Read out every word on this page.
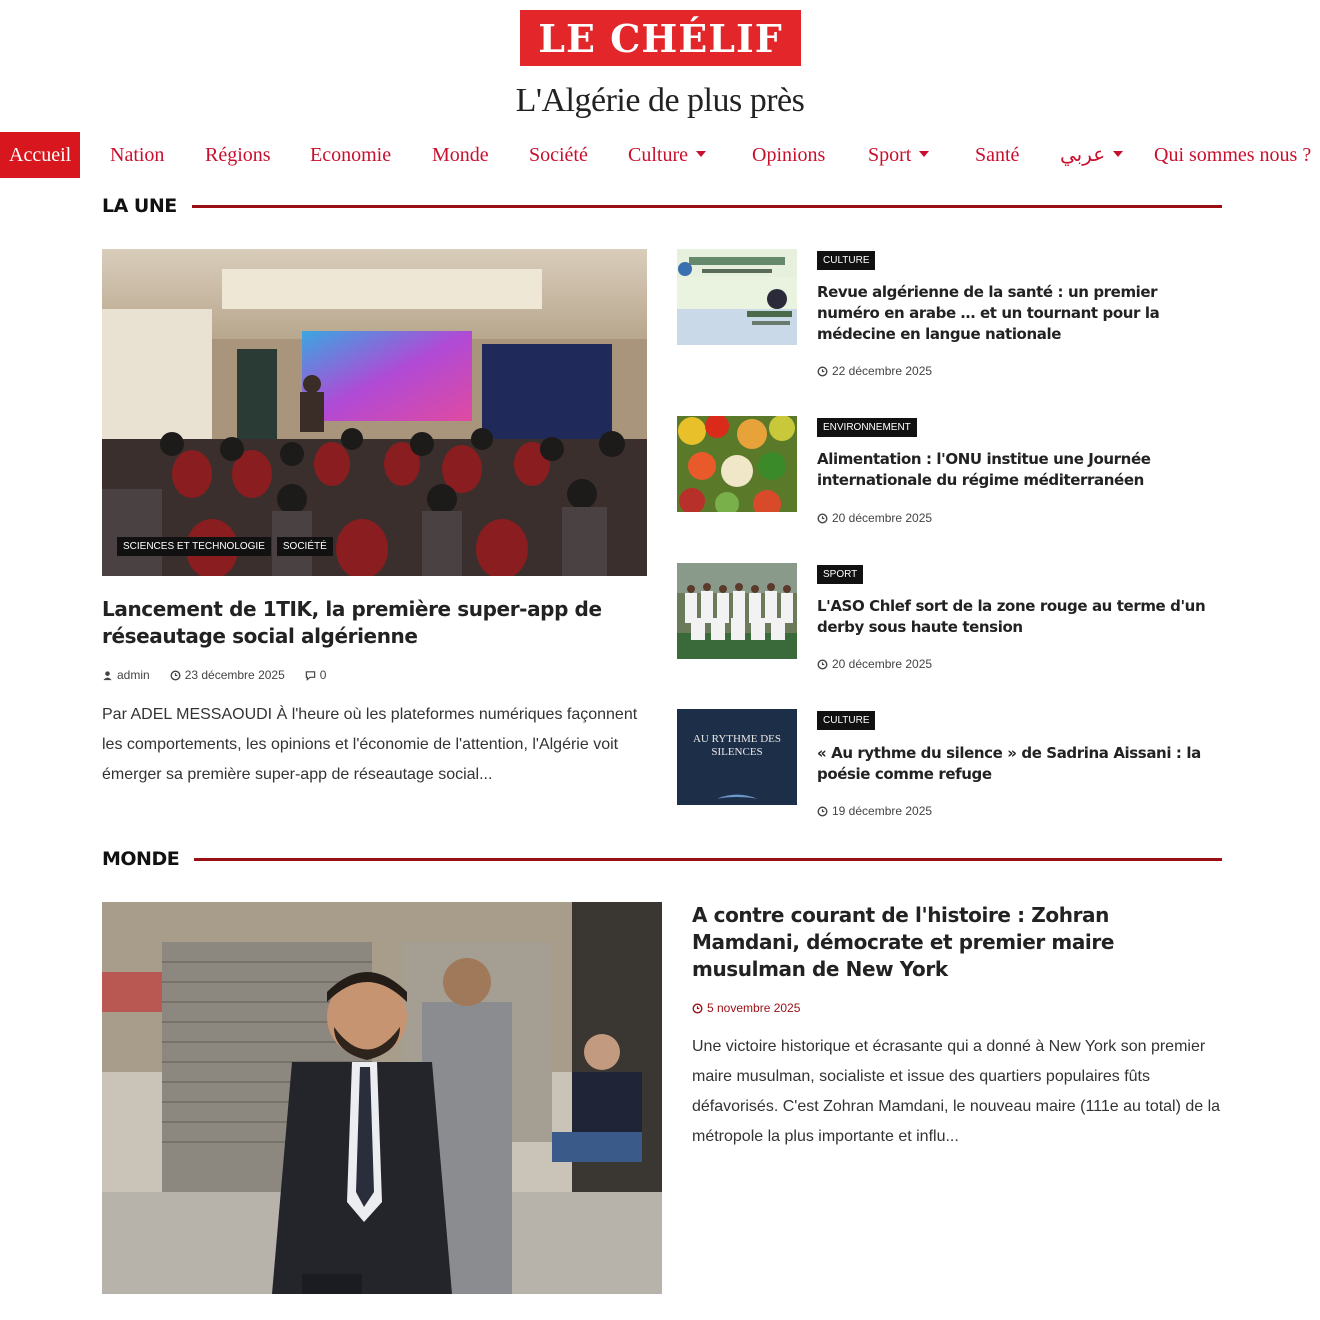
LE CHÉLIF
L'Algérie de plus près
Accueil	Nation Régions Economie Monde Société Culture	Opinions Sport	Santé عربي	Qui sommes nous ?
LA UNE
SCIENCES ET TECHNOLOGIE	SOCIÉTÉ
Lancement de 1TIK, la première super-app de réseautage social algérienne
admin	23 décembre 2025	0

Par ADEL MESSAOUDI À l'heure où les plateformes numériques façonnent les comportements, les opinions et l'économie de l'attention, l'Algérie voit émerger sa première super-app de réseautage social...

CULTURE
Revue algérienne de la santé : un premier numéro en arabe … et un tournant pour la médecine en langue nationale
22 décembre 2025
ENVIRONNEMENT
Alimentation : l'ONU institue une Journée internationale du régime méditerranéen
20 décembre 2025
SPORT
L'ASO Chlef sort de la zone rouge au terme d'un derby sous haute tension
20 décembre 2025
AU RYTHME DES SILENCES
CULTURE
« Au rythme du silence » de Sadrina Aissani : la poésie comme refuge
19 décembre 2025
MONDE
A contre courant de l'histoire : Zohran Mamdani, démocrate et premier maire musulman de New York
5 novembre 2025

Une victoire historique et écrasante qui a donné à New York son premier maire musulman, socialiste et issue des quartiers populaires fûts défavorisés. C'est Zohran Mamdani, le nouveau maire (111e au total) de la métropole la plus importante et influ...
